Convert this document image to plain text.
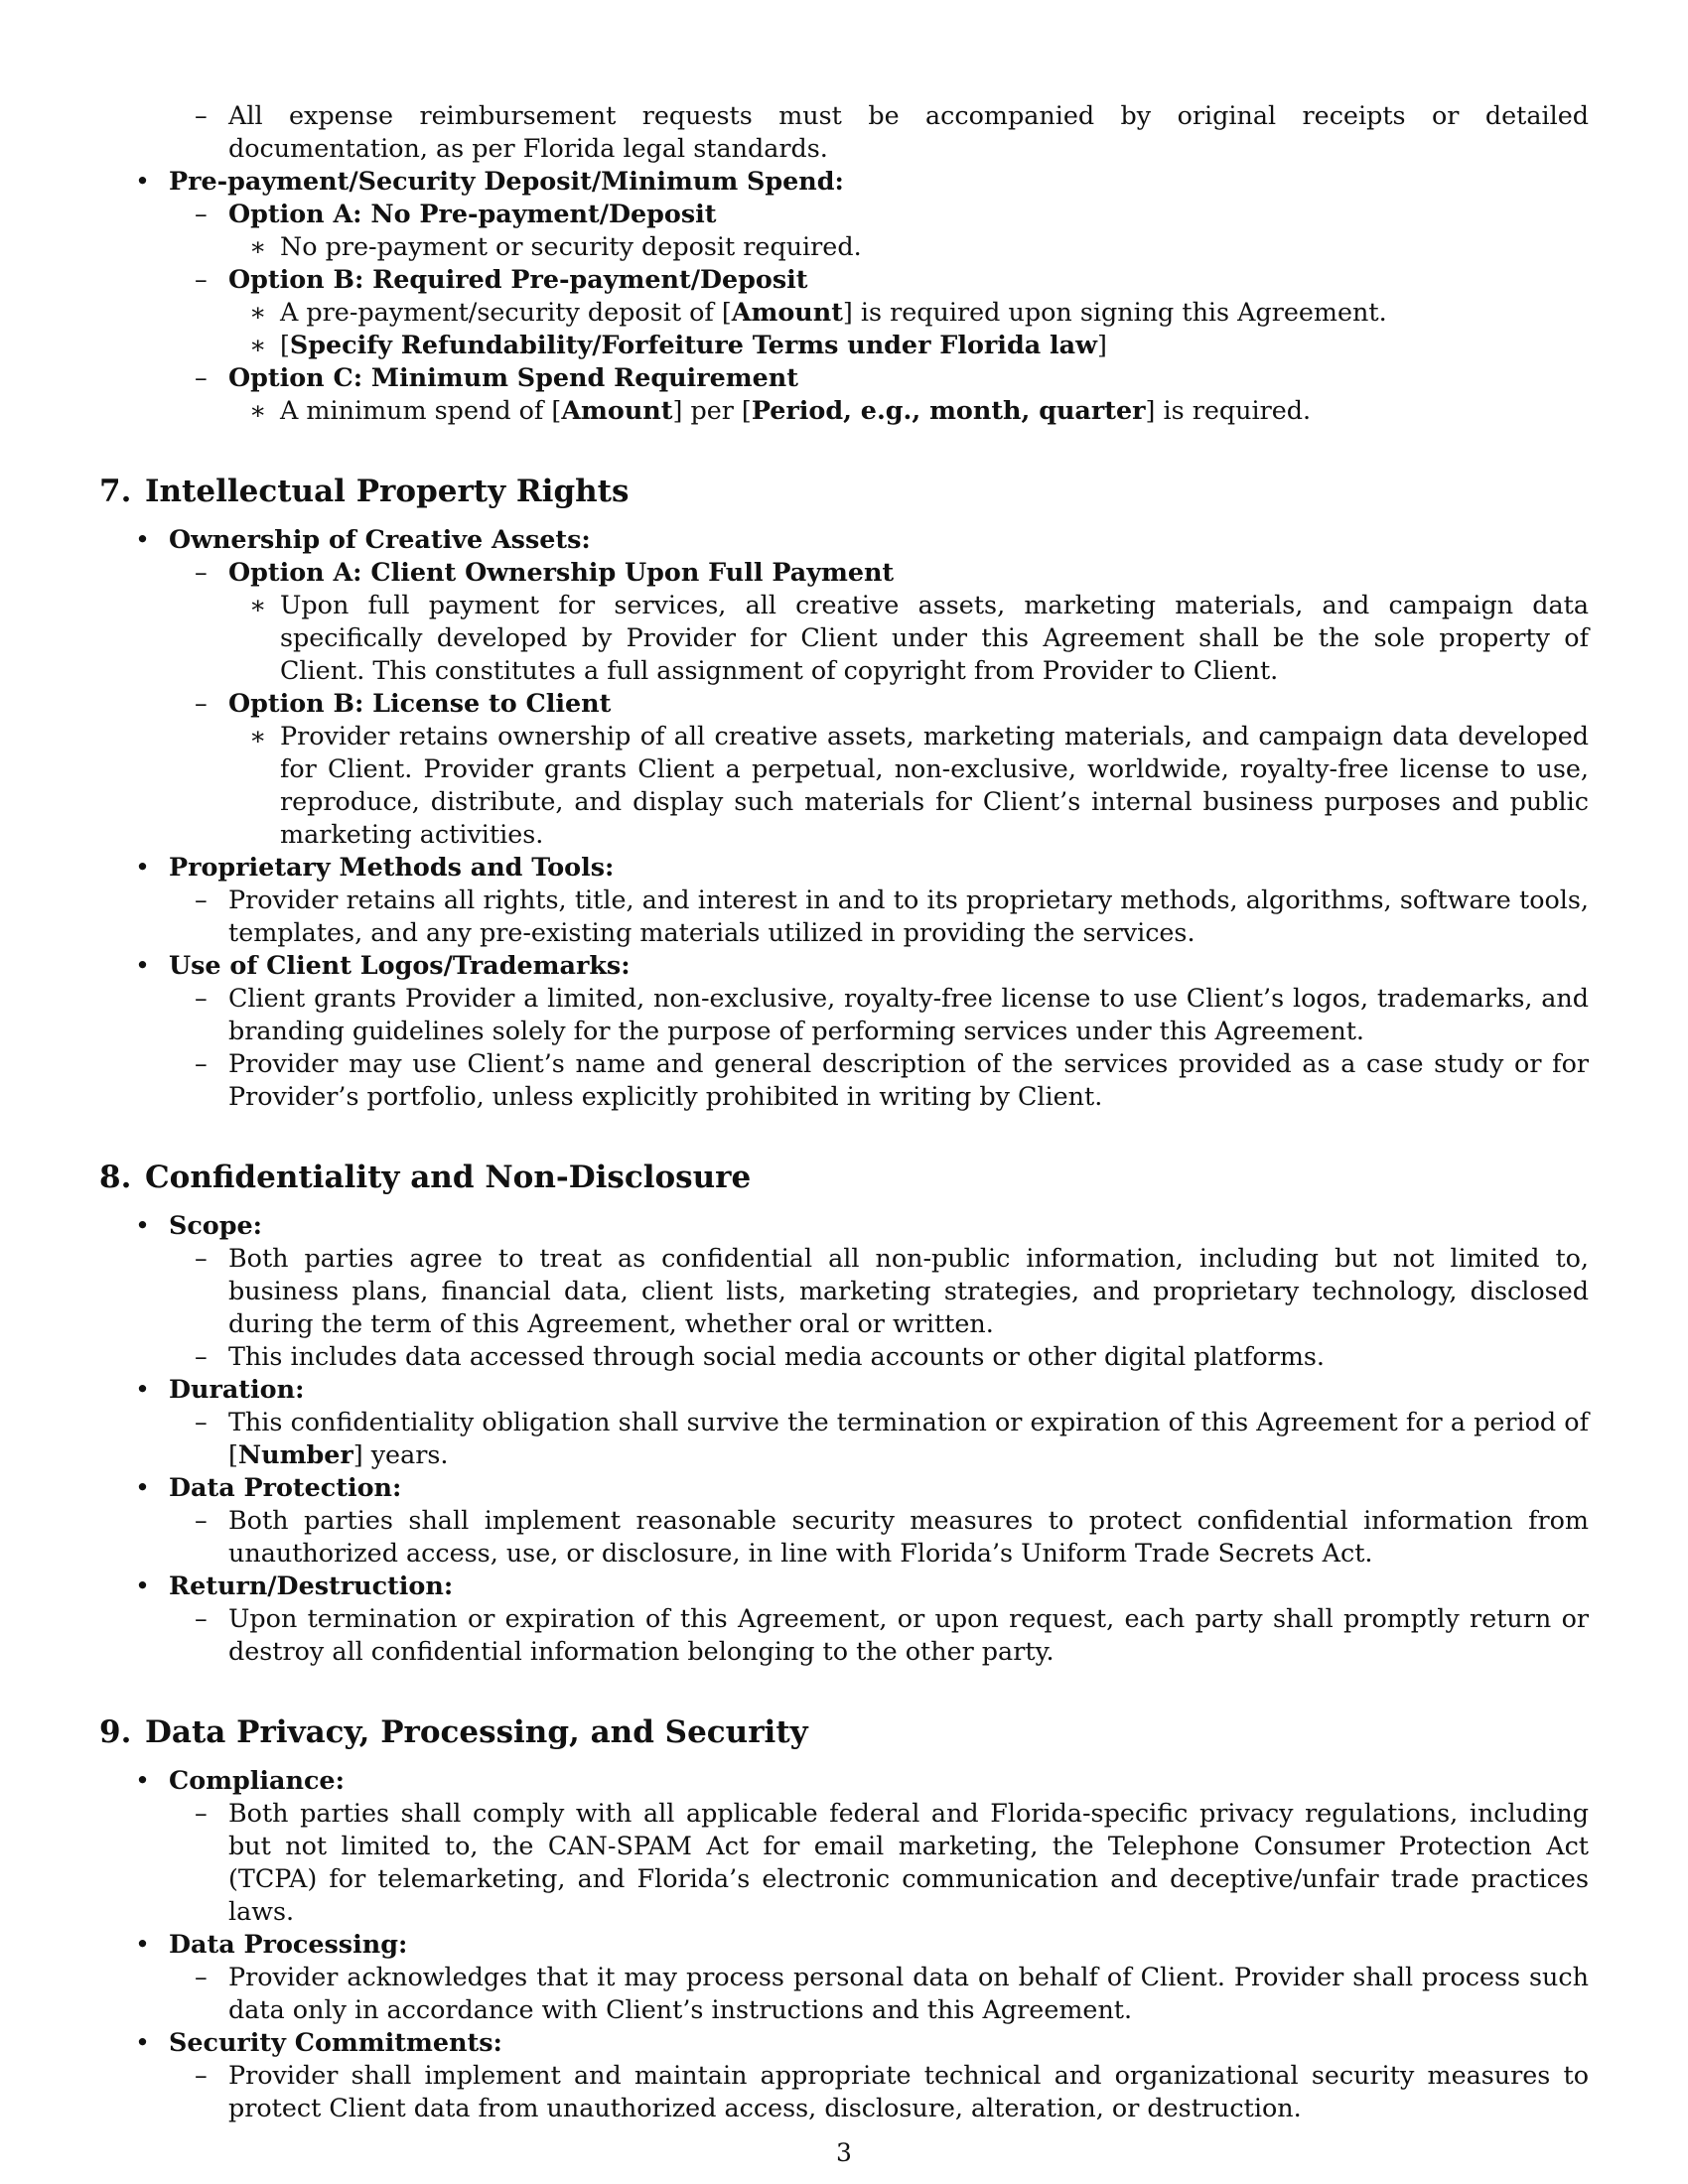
– All expense reimbursement requests must be accompanied by original receipts or detailed documentation, as per Florida legal standards.
• Pre-payment/Security Deposit/Minimum Spend:
– Option A: No Pre-payment/Deposit
∗ No pre-payment or security deposit required.
– Option B: Required Pre-payment/Deposit
∗ A pre-payment/security deposit of [Amount] is required upon signing this Agreement.
∗ [Specify Refundability/Forfeiture Terms under Florida law]
– Option C: Minimum Spend Requirement
∗ A minimum spend of [Amount] per [Period, e.g., month, quarter] is required.
7. Intellectual Property Rights
• Ownership of Creative Assets:
– Option A: Client Ownership Upon Full Payment
∗ Upon full payment for services, all creative assets, marketing materials, and campaign data specifically developed by Provider for Client under this Agreement shall be the sole property of Client. This constitutes a full assignment of copyright from Provider to Client.
– Option B: License to Client
∗ Provider retains ownership of all creative assets, marketing materials, and campaign data developed for Client. Provider grants Client a perpetual, non-exclusive, worldwide, royalty-free license to use, reproduce, distribute, and display such materials for Client’s internal business purposes and public marketing activities.
• Proprietary Methods and Tools:
– Provider retains all rights, title, and interest in and to its proprietary methods, algorithms, software tools, templates, and any pre-existing materials utilized in providing the services.
• Use of Client Logos/Trademarks:
– Client grants Provider a limited, non-exclusive, royalty-free license to use Client’s logos, trademarks, and branding guidelines solely for the purpose of performing services under this Agreement.
– Provider may use Client’s name and general description of the services provided as a case study or for Provider’s portfolio, unless explicitly prohibited in writing by Client.
8. Confidentiality and Non-Disclosure
• Scope:
– Both parties agree to treat as confidential all non-public information, including but not limited to, business plans, financial data, client lists, marketing strategies, and proprietary technology, disclosed during the term of this Agreement, whether oral or written.
– This includes data accessed through social media accounts or other digital platforms.
• Duration:
– This confidentiality obligation shall survive the termination or expiration of this Agreement for a period of [Number] years.
• Data Protection:
– Both parties shall implement reasonable security measures to protect confidential information from unauthorized access, use, or disclosure, in line with Florida’s Uniform Trade Secrets Act.
• Return/Destruction:
– Upon termination or expiration of this Agreement, or upon request, each party shall promptly return or destroy all confidential information belonging to the other party.
9. Data Privacy, Processing, and Security
• Compliance:
– Both parties shall comply with all applicable federal and Florida-specific privacy regulations, including but not limited to, the CAN-SPAM Act for email marketing, the Telephone Consumer Protection Act (TCPA) for telemarketing, and Florida’s electronic communication and deceptive/unfair trade practices laws.
• Data Processing:
– Provider acknowledges that it may process personal data on behalf of Client. Provider shall process such data only in accordance with Client’s instructions and this Agreement.
• Security Commitments:
– Provider shall implement and maintain appropriate technical and organizational security measures to protect Client data from unauthorized access, disclosure, alteration, or destruction.
3
